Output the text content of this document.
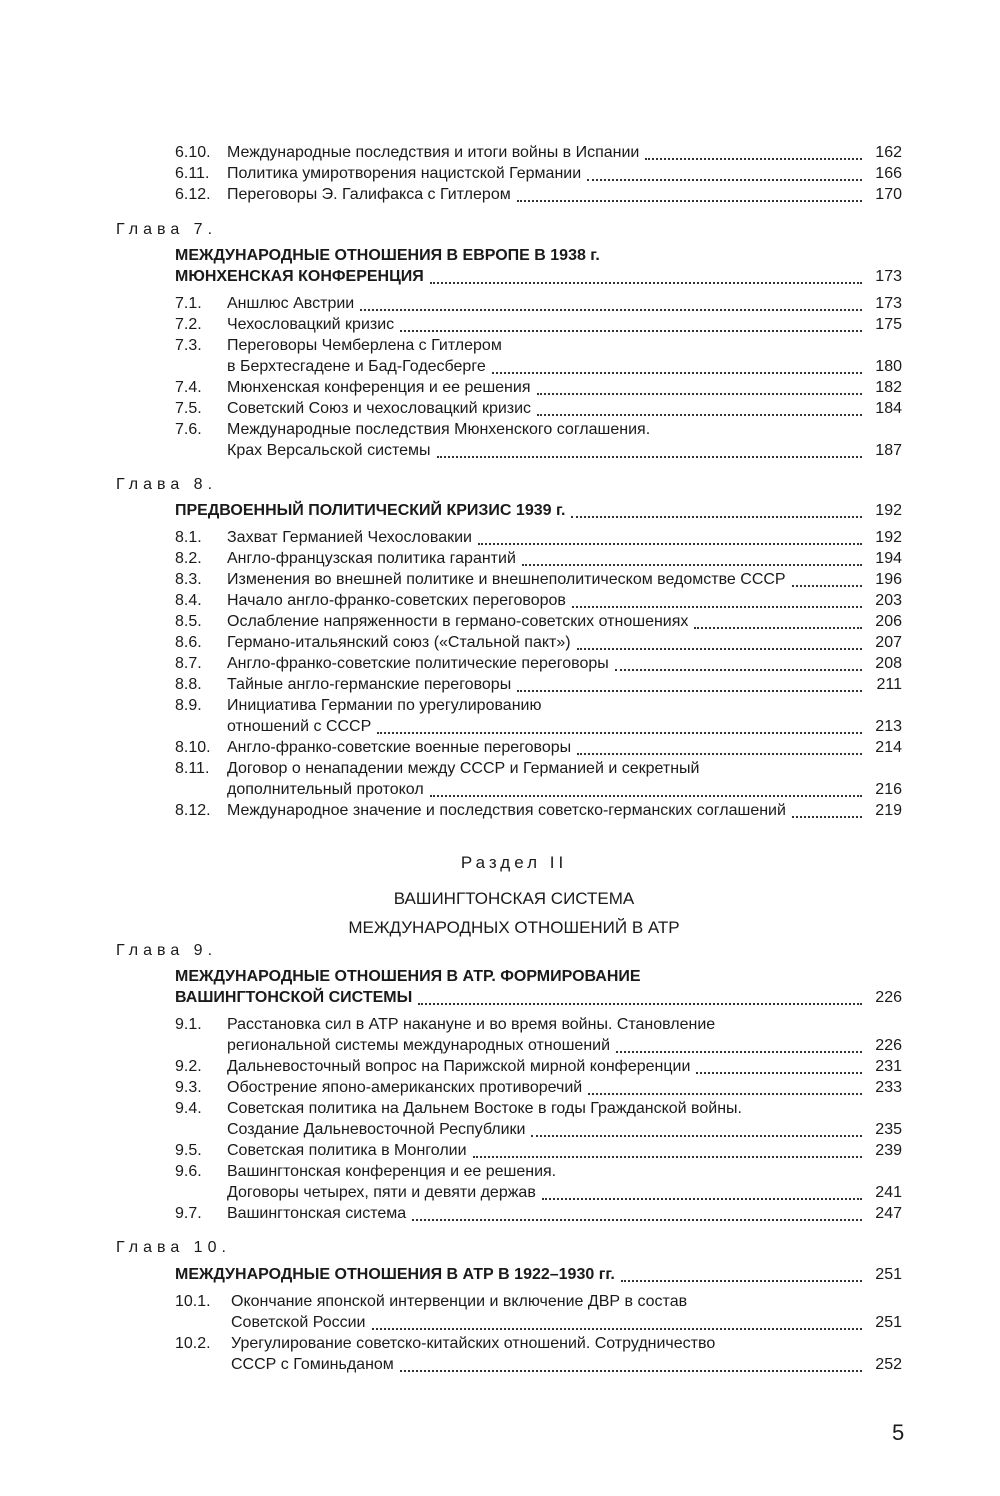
6.10. Международные последствия и итоги войны в Испании	162
6.11. Политика умиротворения нацистской Германии	166
6.12. Переговоры Э. Галифакса с Гитлером	170
Глава 7.
МЕЖДУНАРОДНЫЕ ОТНОШЕНИЯ В ЕВРОПЕ В 1938 г.
МЮНХЕНСКАЯ КОНФЕРЕНЦИЯ	173
7.1. Аншлюс Австрии	173
7.2. Чехословацкий кризис	175
7.3. Переговоры Чемберлена с Гитлером
в Берхтесгадене и Бад-Годесберге	180
7.4. Мюнхенская конференция и ее решения	182
7.5. Советский Союз и чехословацкий кризис	184
7.6. Международные последствия Мюнхенского соглашения.
Крах Версальской системы	187
Глава 8.
ПРЕДВОЕННЫЙ ПОЛИТИЧЕСКИЙ КРИЗИС 1939 г.	192
8.1. Захват Германией Чехословакии	192
8.2. Англо-французская политика гарантий	194
8.3. Изменения во внешней политике и внешнеполитическом ведомстве СССР	196
8.4. Начало англо-франко-советских переговоров	203
8.5. Ослабление напряженности в германо-советских отношениях	206
8.6. Германо-итальянский союз («Стальной пакт»)	207
8.7. Англо-франко-советские политические переговоры	208
8.8. Тайные англо-германские переговоры	211
8.9. Инициатива Германии по урегулированию
отношений с СССР	213
8.10. Англо-франко-советские военные переговоры	214
8.11. Договор о ненападении между СССР и Германией и секретный
дополнительный протокол	216
8.12. Международное значение и последствия советско-германских соглашений	219
Раздел II
ВАШИНГТОНСКАЯ СИСТЕМА
МЕЖДУНАРОДНЫХ ОТНОШЕНИЙ В АТР
Глава 9.
МЕЖДУНАРОДНЫЕ ОТНОШЕНИЯ В АТР. ФОРМИРОВАНИЕ
ВАШИНГТОНСКОЙ СИСТЕМЫ	226
9.1. Расстановка сил в АТР накануне и во время войны. Становление
региональной системы международных отношений	226
9.2. Дальневосточный вопрос на Парижской мирной конференции	231
9.3. Обострение японо-американских противоречий	233
9.4. Советская политика на Дальнем Востоке в годы Гражданской войны.
Создание Дальневосточной Республики	235
9.5. Советская политика в Монголии	239
9.6. Вашингтонская конференция и ее решения.
Договоры четырех, пяти и девяти держав	241
9.7. Вашингтонская система	247
Глава 10.
МЕЖДУНАРОДНЫЕ ОТНОШЕНИЯ В АТР В 1922–1930 гг.	251
10.1. Окончание японской интервенции и включение ДВР в состав
Советской России	251
10.2. Урегулирование советско-китайских отношений. Сотрудничество
СССР с Гоминьданом	252
5
